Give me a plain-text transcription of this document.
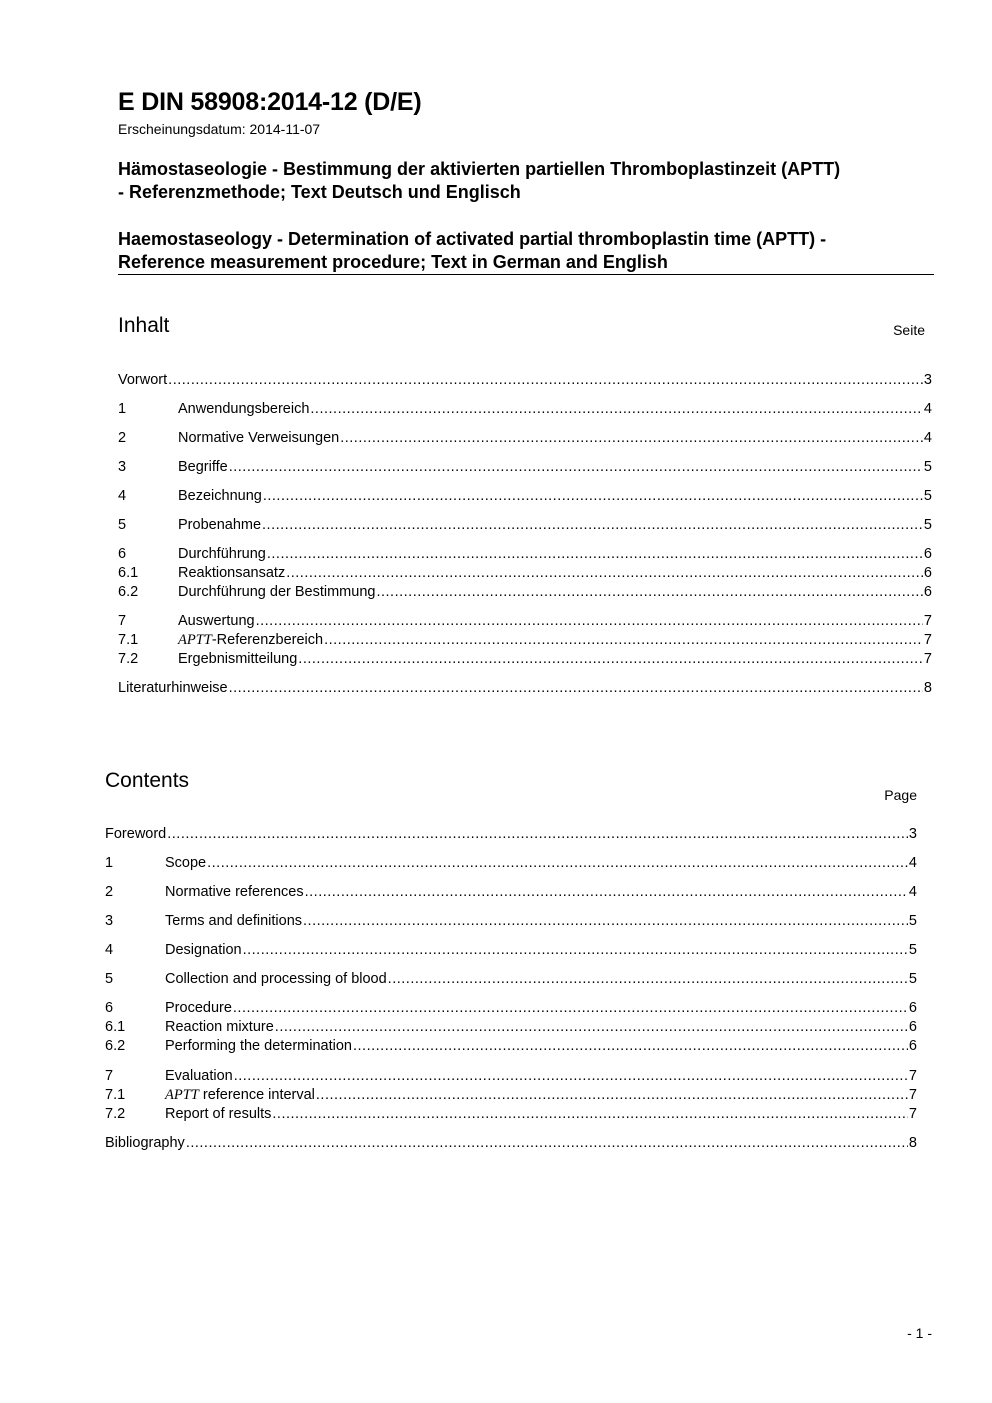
E DIN 58908:2014-12 (D/E)
Erscheinungsdatum: 2014-11-07
Hämostaseologie - Bestimmung der aktivierten partiellen Thromboplastinzeit (APTT)
- Referenzmethode; Text Deutsch und Englisch
Haemostaseology - Determination of activated partial thromboplastin time (APTT) -
Reference measurement procedure; Text in German and English
Inhalt	Seite
Vorwort .....	3
1	Anwendungsbereich .....	4
2	Normative Verweisungen .....	4
3	Begriffe .....	5
4	Bezeichnung .....	5
5	Probenahme .....	5
6	Durchführung .....	6
6.1	Reaktionsansatz .....	6
6.2	Durchführung der Bestimmung .....	6
7	Auswertung .....	7
7.1	APTT-Referenzbereich .....	7
7.2	Ergebnismitteilung .....	7
Literaturhinweise .....	8
Contents
Page
Foreword .....	3
1	Scope .....	4
2	Normative references .....	4
3	Terms and definitions .....	5
4	Designation .....	5
5	Collection and processing of blood .....	5
6	Procedure .....	6
6.1	Reaction mixture .....	6
6.2	Performing the determination .....	6
7	Evaluation .....	7
7.1	APTT reference interval .....	7
7.2	Report of results .....	7
Bibliography .....	8
- 1 -
